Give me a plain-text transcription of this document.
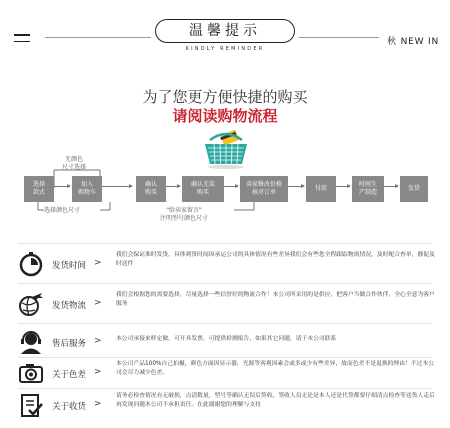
温馨提示
KINDLY REMINDER
秋 NEW IN
为了您更方便快捷的购买
请阅读购物流程
无颜色
尺寸选择
选择
款式
加入
购物车
确认
购买
确认无误
购买
卖家修改价格
核对订单
付款
时间生
产制造
发货
选择颜色尺寸	"给卖家留言"
注明型号颜色尺寸
发货时间 >
我们会保证准时发货，具体到货时间因承运公司的具体情况有些差异我们会有些您全程跟踪物流情况，及时配合查单，催促及时送件
发货物流 >
我们会根据您的需要选择，尽量选择一些信誉好的物流合作！本公司所采用的是供应，把客户当做合作伙伴，全心全意为客户服务
售后服务 > 本公司承接来样定做，可开具发票，可提供检测报告，如果其它问题，请于本公司联系
关于色差 >
本公司产品100%自己拍摄，颜色方面因显示器，光源等客观因素会或多或少有些差异，故而色差不是退换的理由！不过本公司会尽力减少色差。
关于收货 >
请务必检查情况有无破损，点清数量，型号等确认无误后签收。签收人员无论是本人还是代签都要仔细清点检查等送货人走后再发现问题本公司不承担责任。在此谢谢您的理解与支持
